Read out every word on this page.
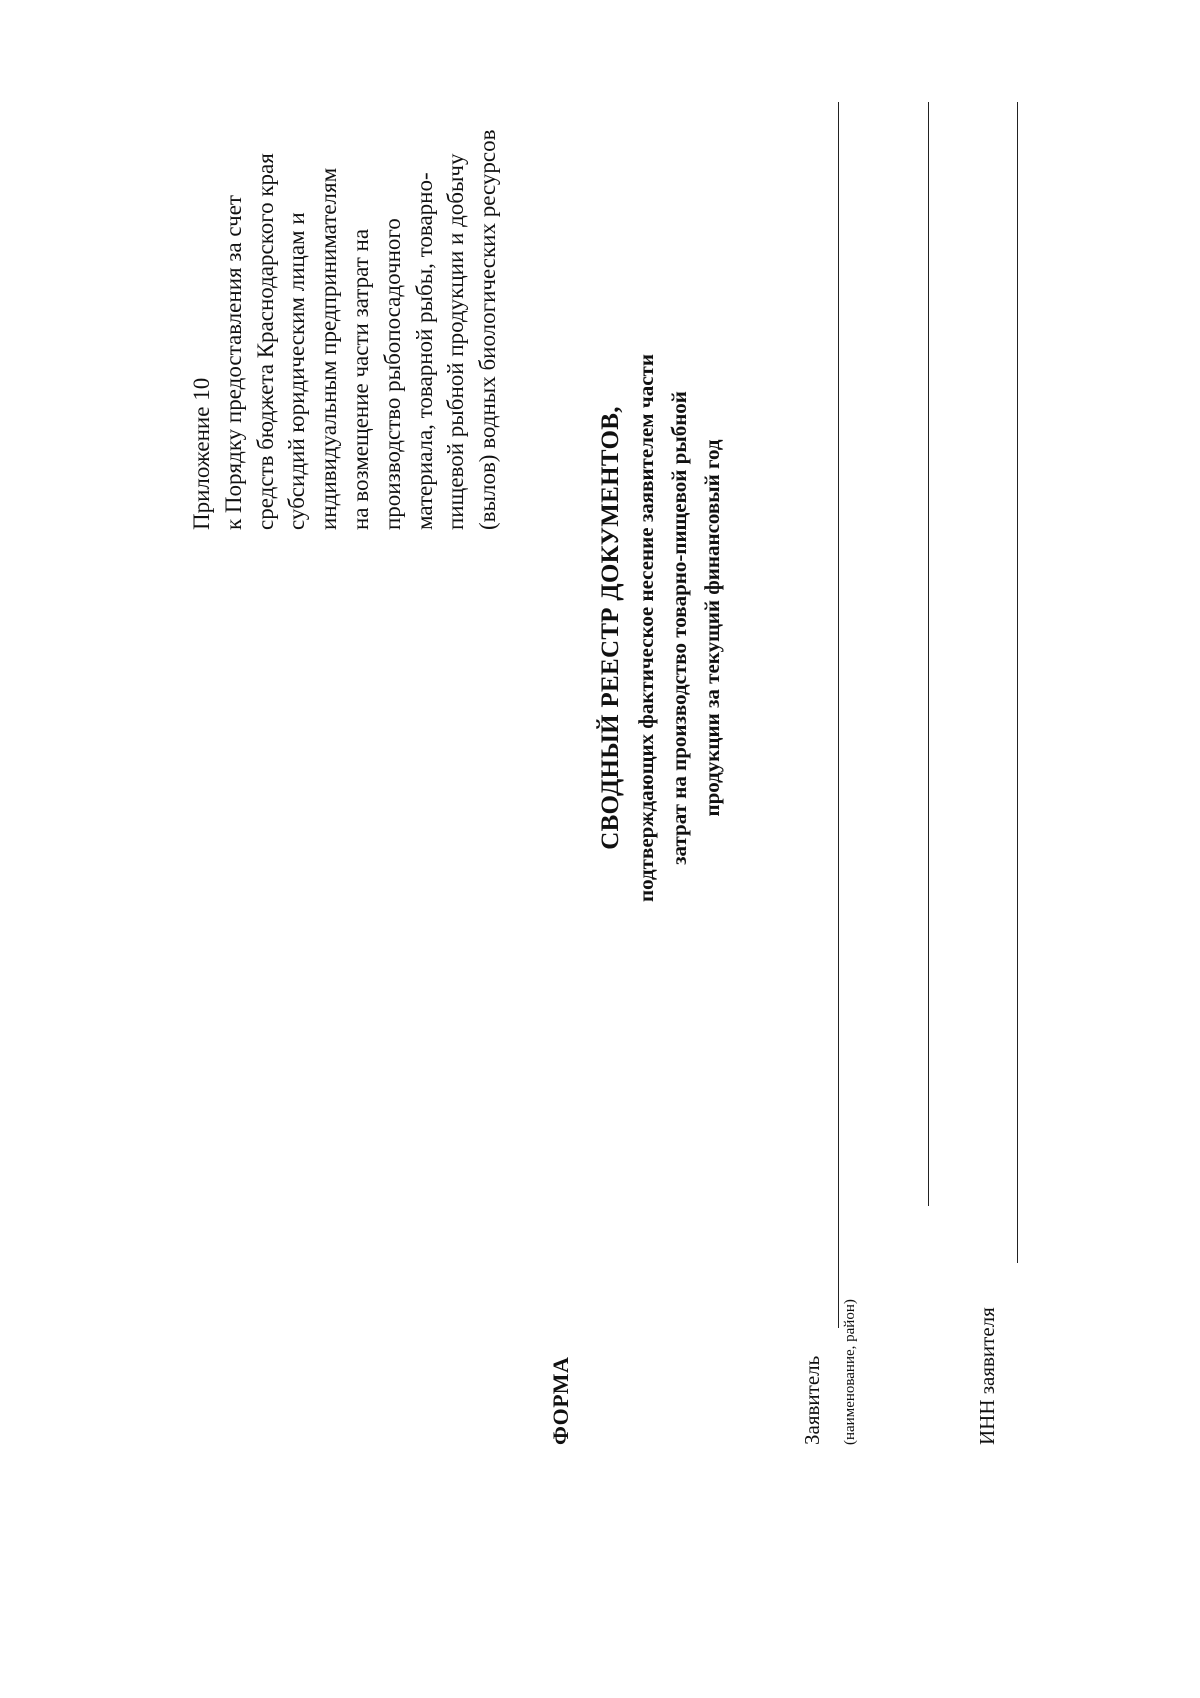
Приложение 10 к Порядку предоставления за счет средств бюджета Краснодарского края субсидий юридическим лицам и индивидуальным предпринимателям на возмещение части затрат на производство рыбопосадочного материала, товарной рыбы, товарно- пищевой рыбной продукции и добычу (вылов) водных биологических ресурсов
ФОРМА
СВОДНЫЙ РЕЕСТР ДОКУМЕНТОВ, подтверждающих фактическое несение заявителем части затрат на производство товарно-пищевой рыбной продукции за текущий финансовый год
Заявитель (наименование, район)	ИНН заявителя
